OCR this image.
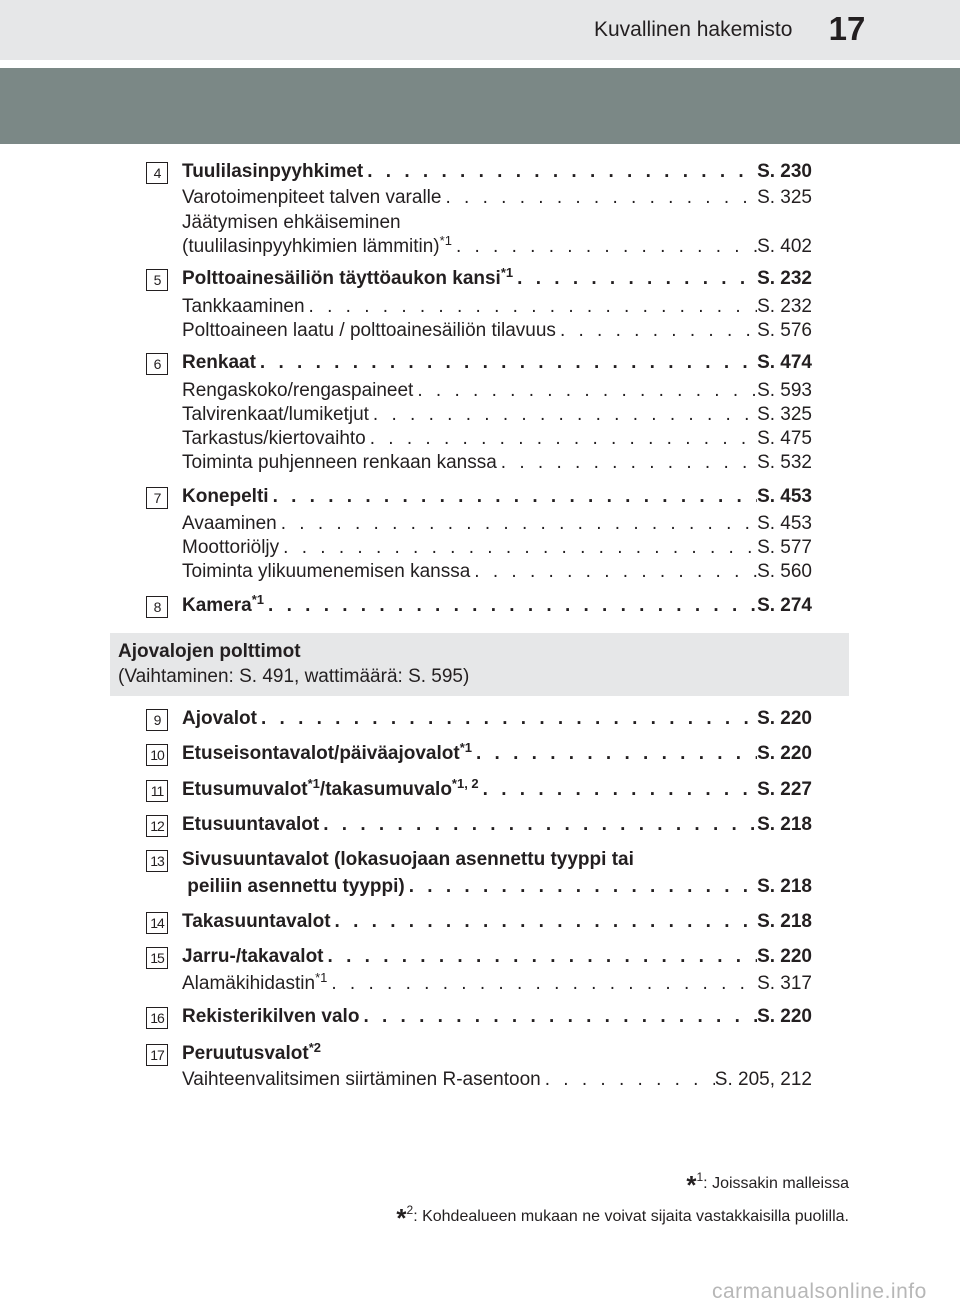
Kuvallinen hakemisto	17
4	Tuulilasinpyyhkimet . . .	S. 230
Varotoimenpiteet talven varalle . . .	S. 325
Jäätymisen ehkäiseminen
(tuulilasinpyyhkimien lämmitin)$^{*1}$ . . .	S. 402
5	Polttoainesäiliön täyttöaukon kansi$^{*1}$ . . .	S. 232
Tankkaaminen . . .	S. 232
Polttoaineen laatu / polttoainesäiliön tilavuus . . .	S. 576
6	Renkaat . . .	S. 474
Rengaskoko/rengaspaineet . . .	S. 593
Talvirenkaat/lumiketjut . . .	S. 325
Tarkastus/kiertovaihto . . .	S. 475
Toiminta puhjenneen renkaan kanssa . . .	S. 532
7	Konepelti . . .	S. 453
Avaaminen . . .	S. 453
Moottoriöljy . . .	S. 577
Toiminta ylikuumenemisen kanssa . . .	S. 560
8	Kamera$^{*1}$ . . .	S. 274
Ajovalojen polttimot
(Vaihtaminen: S. 491, wattimäärä: S. 595)
9	Ajovalot . . .	S. 220
10 Etuseisontavalot/päiväajovalot$^{*1}$ . . .	S. 220
11 Etusumuvalot$^{*1}$/takasumuvalo$^{*1, 2}$ . . .	S. 227
12 Etusuuntavalot . . .	S. 218
13 Sivusuuntavalot (lokasuojaan asennettu tyyppi tai
peiliin asennettu tyyppi) . . .	S. 218
14 Takasuuntavalot . . .	S. 218
15 Jarru-/takavalot . . .	S. 220
Alamäkihidastin$^{*1}$ . . .	S. 317
16 Rekisterikilven valo . . .	S. 220
17 Peruutusvalot$^{*2}$
Vaihteenvalitsimen siirtäminen R-asentoon . . .	S. 205, 212
*$^1$: Joissakin malleissa
*$^2$: Kohdealueen mukaan ne voivat sijaita vastakkaisilla puolilla.
carmanualsonline.info
